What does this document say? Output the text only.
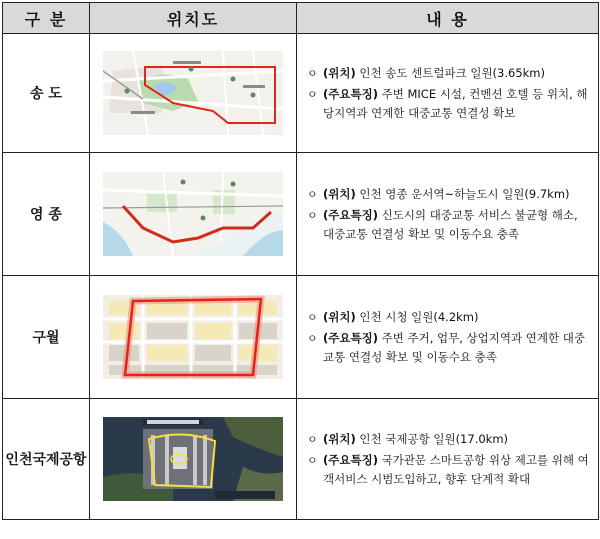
구 분	위치도	내 용
송 도		ㅇ (위치) 인천 송도 센트럴파크 일원(3.65km)
ㅇ (주요특징) 주변 MICE 시설, 컨벤션 호텔 등 위치, 해당지역과 연계한 대중교통 연결성 확보

영 종		ㅇ (위치) 인천 영종 운서역~하늘도시 일원(9.7km)
ㅇ (주요특징) 신도시의 대중교통 서비스 불균형 해소, 대중교통 연결성 확보 및 이동수요 충족

구월		ㅇ (위치) 인천 시청 일원(4.2km)
ㅇ (주요특징) 주변 주거, 업무, 상업지역과 연계한 대중교통 연결성 확보 및 이동수요 충족

인천국제공항		ㅇ (위치) 인천 국제공항 일원(17.0km)
ㅇ (주요특징) 국가관문 스마트공항 위상 제고를 위해 여객서비스 시범도입하고, 향후 단계적 확대
